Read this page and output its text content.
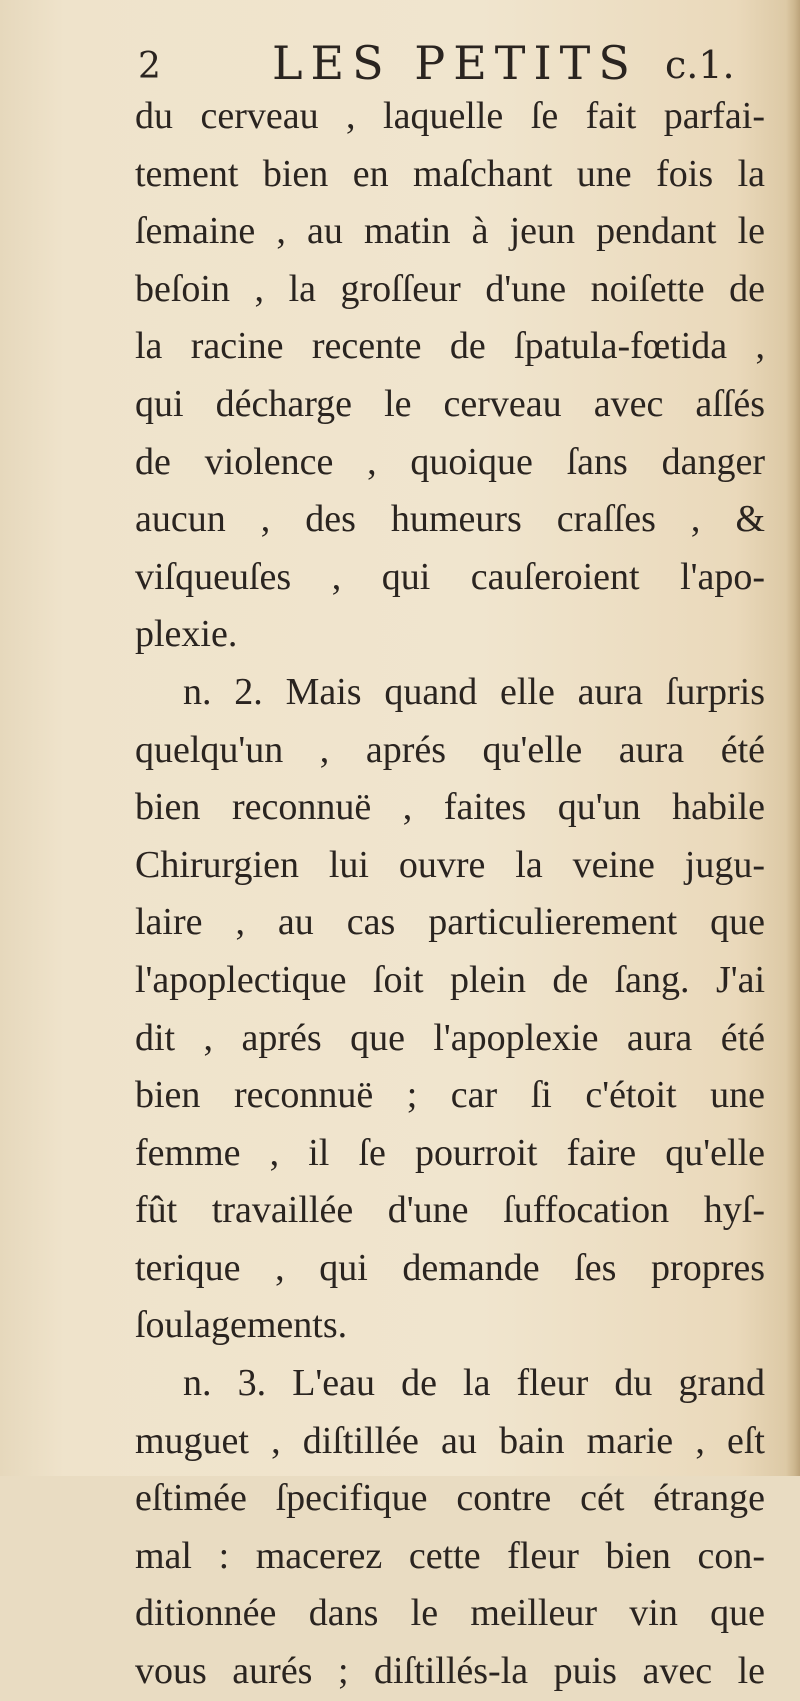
2 LES PETITS c.1.
du cerveau , laquelle ſe fait parfai-
tement bien en maſchant une fois la
ſemaine , au matin à jeun pendant le
beſoin , la groſſeur d'une noiſette de
la racine recente de ſpatula-fœtida ,
qui décharge le cerveau avec aſſés
de violence , quoique ſans danger
aucun , des humeurs craſſes , &
viſqueuſes , qui cauſeroient l'apo-
plexie.
n. 2. Mais quand elle aura ſurpris
quelqu'un , aprés qu'elle aura été
bien reconnuë , faites qu'un habile
Chirurgien lui ouvre la veine jugu-
laire , au cas particulierement que
l'apoplectique ſoit plein de ſang. J'ai
dit , aprés que l'apoplexie aura été
bien reconnuë ; car ſi c'étoit une
femme , il ſe pourroit faire qu'elle
fût travaillée d'une ſuffocation hyſ-
terique , qui demande ſes propres
ſoulagements.
n. 3. L'eau de la fleur du grand
muguet , diſtillée au bain marie , eſt
eſtimée ſpecifique contre cét étrange
mal : macerez cette fleur bien con-
ditionnée dans le meilleur vin que
vous aurés ; diſtillés-la puis avec le
